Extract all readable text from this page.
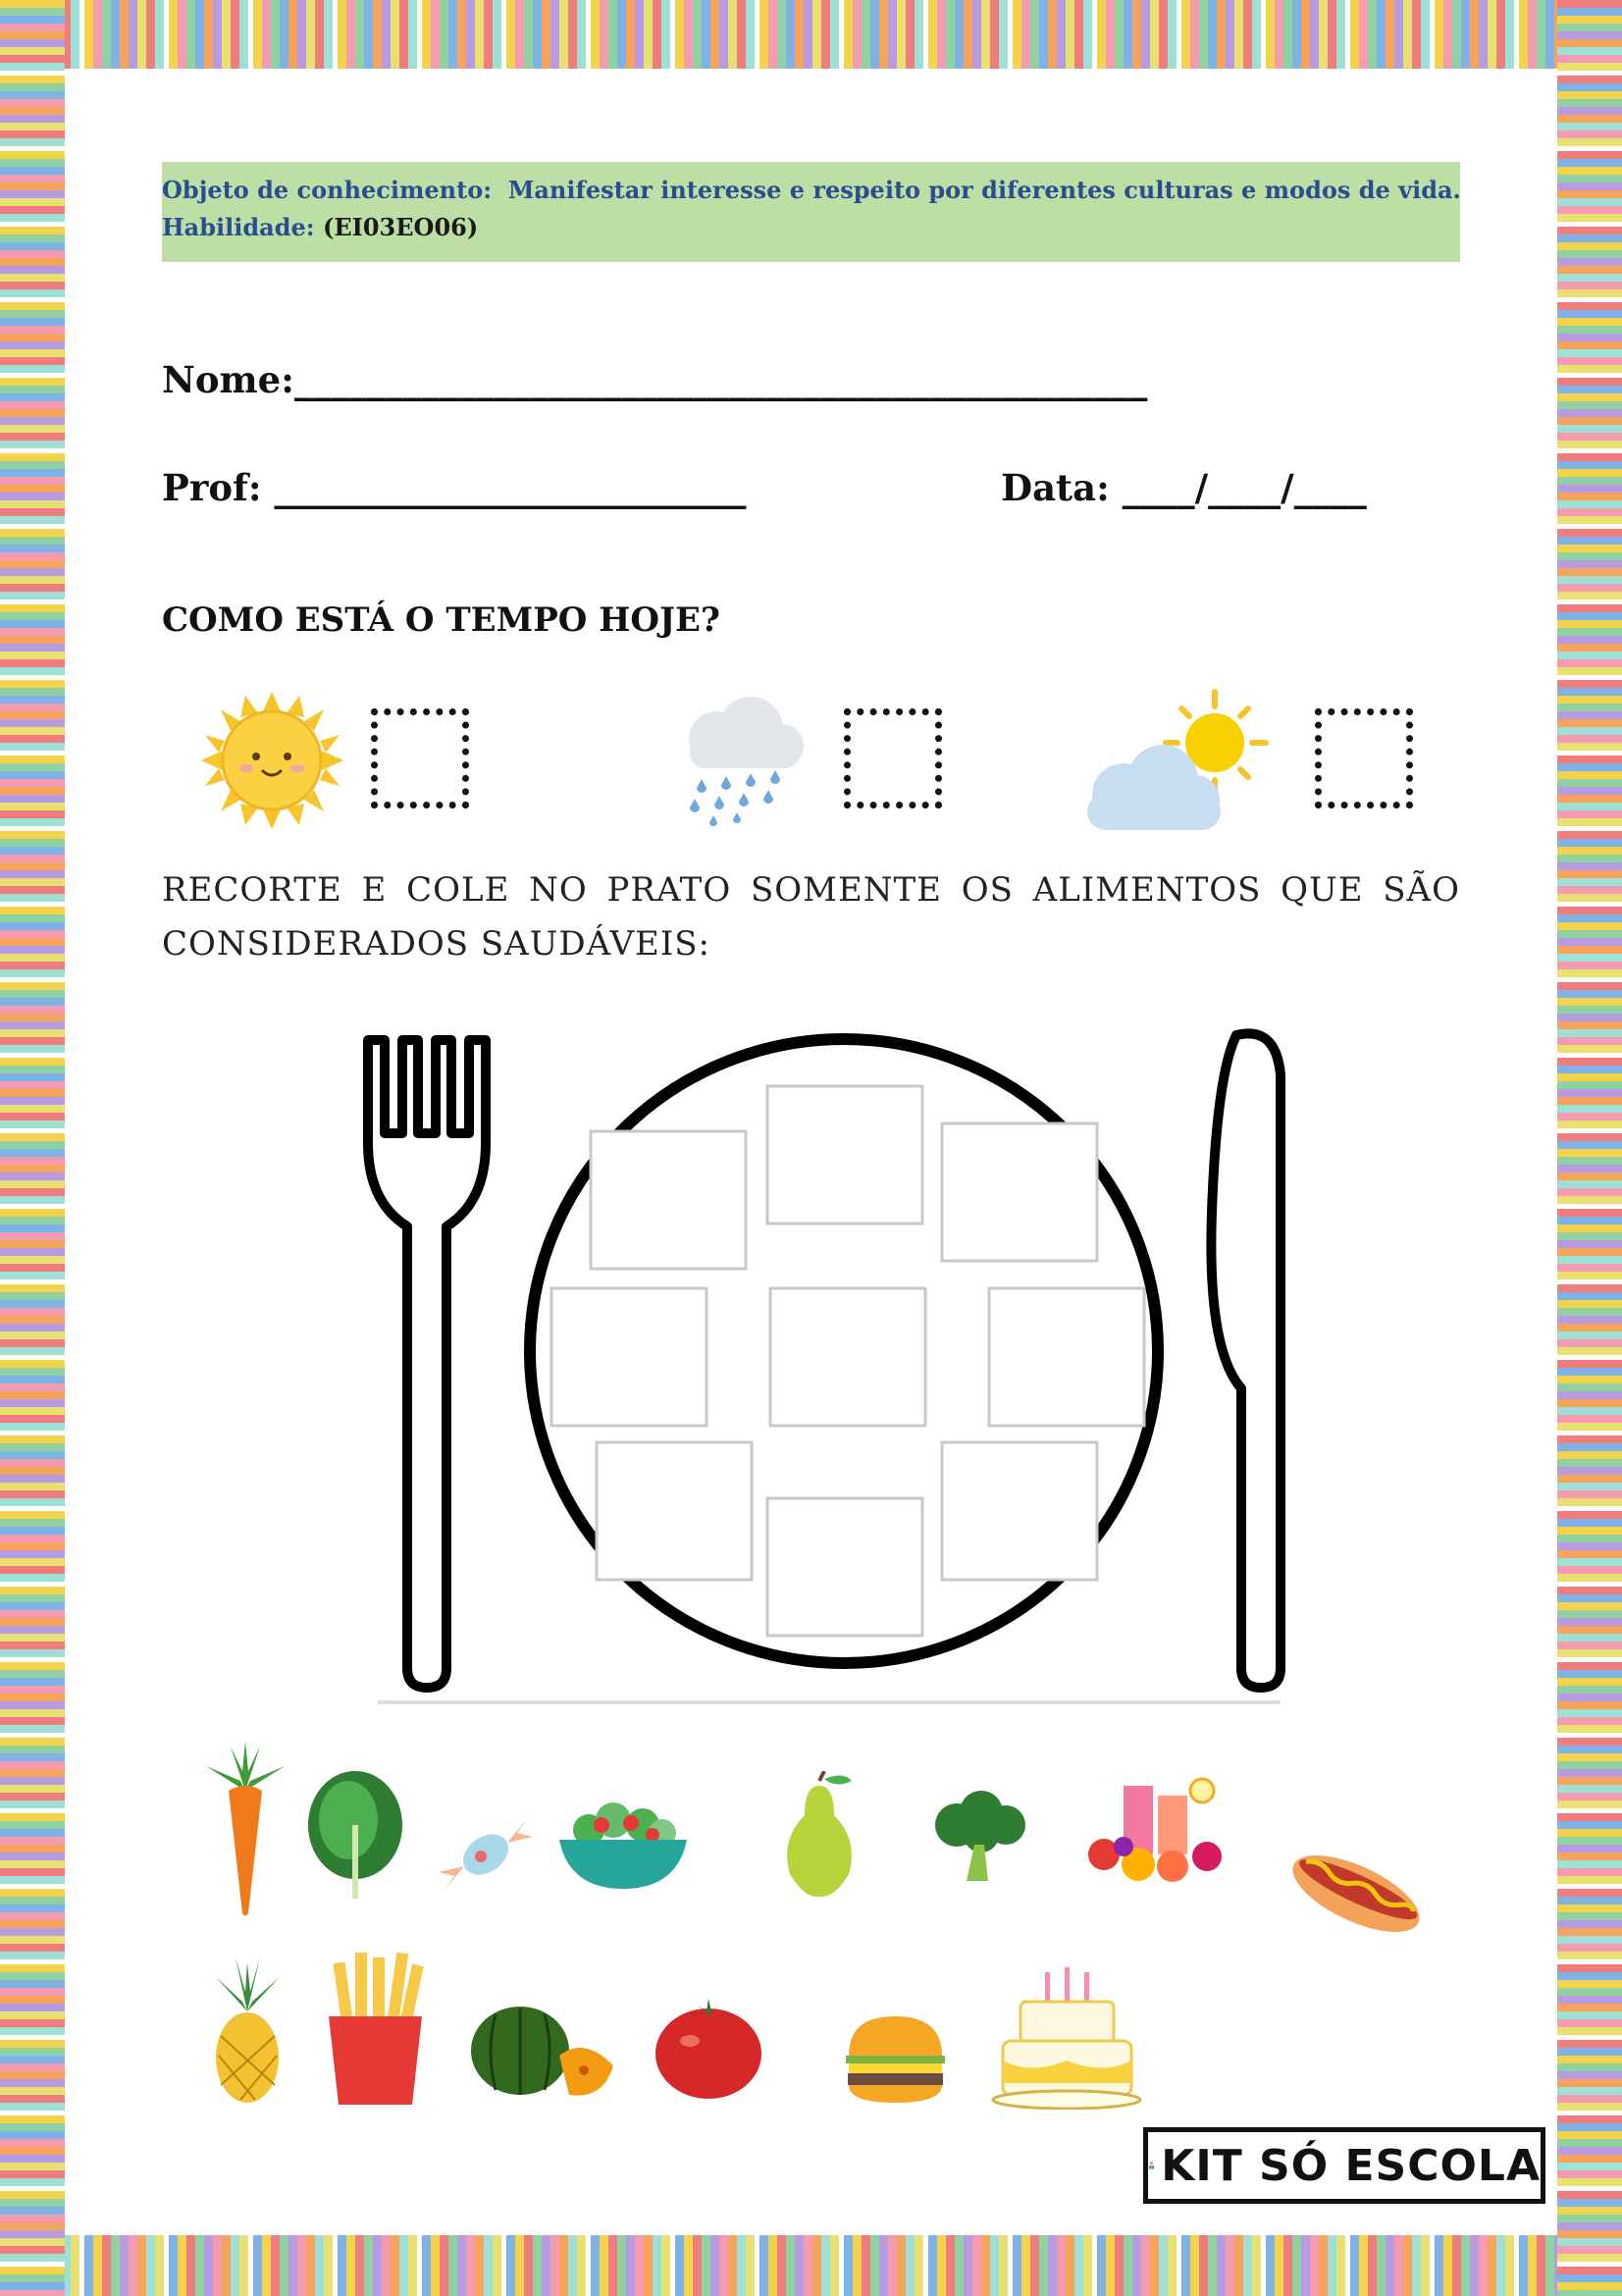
Objeto de conhecimento: Manifestar interesse e respeito por diferentes culturas e modos de vida.
Habilidade: (EI03EO06)
Nome:_______________________________________________
Prof: __________________________	Data: ____/____/____
COMO ESTÁ O TEMPO HOJE?
RECORTE E COLE NO PRATO SOMENTE OS ALIMENTOS QUE SÃO CONSIDERADOS SAUDÁVEIS:
KIT SÓ ESCOLA
